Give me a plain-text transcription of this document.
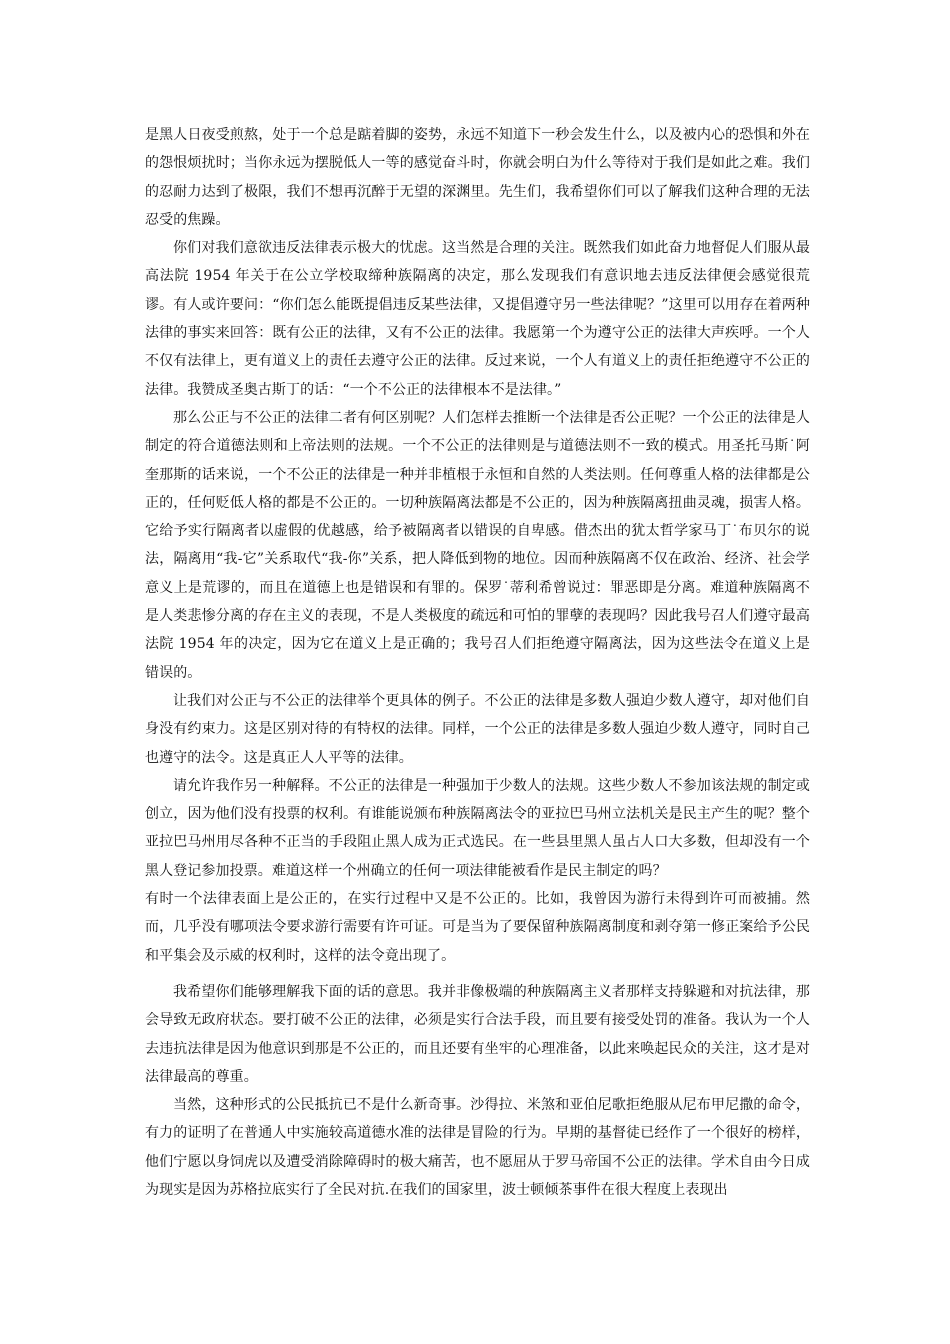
是黑人日夜受煎熬，处于一个总是踮着脚的姿势，永远不知道下一秒会发生什么，以及被内心的恐惧和外在的怨恨烦扰时；当你永远为摆脱低人一等的感觉奋斗时，你就会明白为什么等待对于我们是如此之难。我们的忍耐力达到了极限，我们不想再沉醉于无望的深渊里。先生们，我希望你们可以了解我们这种合理的无法忍受的焦躁。

你们对我们意欲违反法律表示极大的忧虑。这当然是合理的关注。既然我们如此奋力地督促人们服从最高法院 1954 年关于在公立学校取缔种族隔离的决定，那么发现我们有意识地去违反法律便会感觉很荒谬。有人或许要问：“你们怎么能既提倡违反某些法律，又提倡遵守另一些法律呢？”这里可以用存在着两种法律的事实来回答：既有公正的法律，又有不公正的法律。我愿第一个为遵守公正的法律大声疾呼。一个人不仅有法律上，更有道义上的责任去遵守公正的法律。反过来说，一个人有道义上的责任拒绝遵守不公正的法律。我赞成圣奥古斯丁的话：“一个不公正的法律根本不是法律。”

那么公正与不公正的法律二者有何区别呢？人们怎样去推断一个法律是否公正呢？一个公正的法律是人制定的符合道德法则和上帝法则的法规。一个不公正的法律则是与道德法则不一致的模式。用圣托马斯˙阿奎那斯的话来说，一个不公正的法律是一种并非植根于永恒和自然的人类法则。任何尊重人格的法律都是公正的，任何贬低人格的都是不公正的。一切种族隔离法都是不公正的，因为种族隔离扭曲灵魂，损害人格。它给予实行隔离者以虚假的优越感，给予被隔离者以错误的自卑感。借杰出的犹太哲学家马丁˙布贝尔的说法，隔离用“我-它”关系取代“我-你”关系，把人降低到物的地位。因而种族隔离不仅在政治、经济、社会学意义上是荒谬的，而且在道德上也是错误和有罪的。保罗˙蒂利希曾说过：罪恶即是分离。难道种族隔离不是人类悲惨分离的存在主义的表现，不是人类极度的疏远和可怕的罪孽的表现吗？因此我号召人们遵守最高法院 1954 年的决定，因为它在道义上是正确的；我号召人们拒绝遵守隔离法，因为这些法令在道义上是错误的。

让我们对公正与不公正的法律举个更具体的例子。不公正的法律是多数人强迫少数人遵守，却对他们自身没有约束力。这是区别对待的有特权的法律。同样，一个公正的法律是多数人强迫少数人遵守，同时自己也遵守的法令。这是真正人人平等的法律。

请允许我作另一种解释。不公正的法律是一种强加于少数人的法规。这些少数人不参加该法规的制定或创立，因为他们没有投票的权利。有谁能说颁布种族隔离法令的亚拉巴马州立法机关是民主产生的呢？整个亚拉巴马州用尽各种不正当的手段阻止黑人成为正式选民。在一些县里黑人虽占人口大多数，但却没有一个黑人登记参加投票。难道这样一个州确立的任何一项法律能被看作是民主制定的吗？

有时一个法律表面上是公正的，在实行过程中又是不公正的。比如，我曾因为游行未得到许可而被捕。然而，几乎没有哪项法令要求游行需要有许可证。可是当为了要保留种族隔离制度和剥夺第一修正案给予公民和平集会及示威的权利时，这样的法令竟出现了。

我希望你们能够理解我下面的话的意思。我并非像极端的种族隔离主义者那样支持躲避和对抗法律，那会导致无政府状态。要打破不公正的法律，必须是实行合法手段，而且要有接受处罚的准备。我认为一个人去违抗法律是因为他意识到那是不公正的，而且还要有坐牢的心理准备，以此来唤起民众的关注，这才是对法律最高的尊重。

当然，这种形式的公民抵抗已不是什么新奇事。沙得拉、米煞和亚伯尼歌拒绝服从尼布甲尼撒的命令，有力的证明了在普通人中实施较高道德水准的法律是冒险的行为。早期的基督徒已经作了一个很好的榜样，他们宁愿以身饲虎以及遭受消除障碍时的极大痛苦，也不愿屈从于罗马帝国不公正的法律。学术自由今日成为现实是因为苏格拉底实行了全民对抗.在我们的国家里，波士顿倾茶事件在很大程度上表现出
